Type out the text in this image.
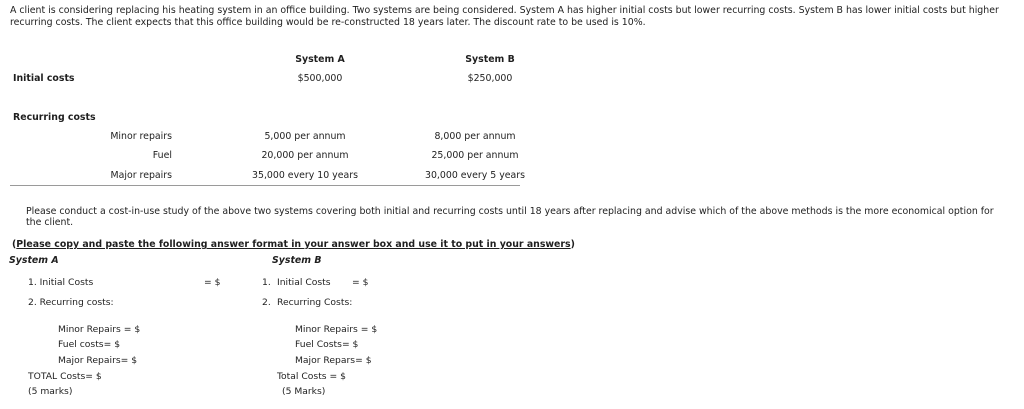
A client is considering replacing his heating system in an office building. Two systems are being considered. System A has higher initial costs but lower recurring costs. System B has lower initial costs but higher recurring costs. The client expects that this office building would be re-constructed 18 years later. The discount rate to be used is 10%.
System A	System B
Initial costs	$500,000	$250,000
Recurring costs
Minor repairs	5,000 per annum	8,000 per annum
Fuel	20,000 per annum	25,000 per annum
Major repairs	35,000 every 10 years	30,000 every 5 years
Please conduct a cost-in-use study of the above two systems covering both initial and recurring costs until 18 years after replacing and advise which of the above methods is the more economical option for the client.
(Please copy and paste the following answer format in your answer box and use it to put in your answers)
System A
1. Initial Costs	= $
2. Recurring costs:
Minor Repairs = $
Fuel costs= $
Major Repairs= $
TOTAL Costs= $
(5 marks)
System B
1. Initial Costs = $
2. Recurring Costs:
Minor Repairs = $
Fuel Costs= $
Major Repars= $
Total Costs = $
(5 Marks)
